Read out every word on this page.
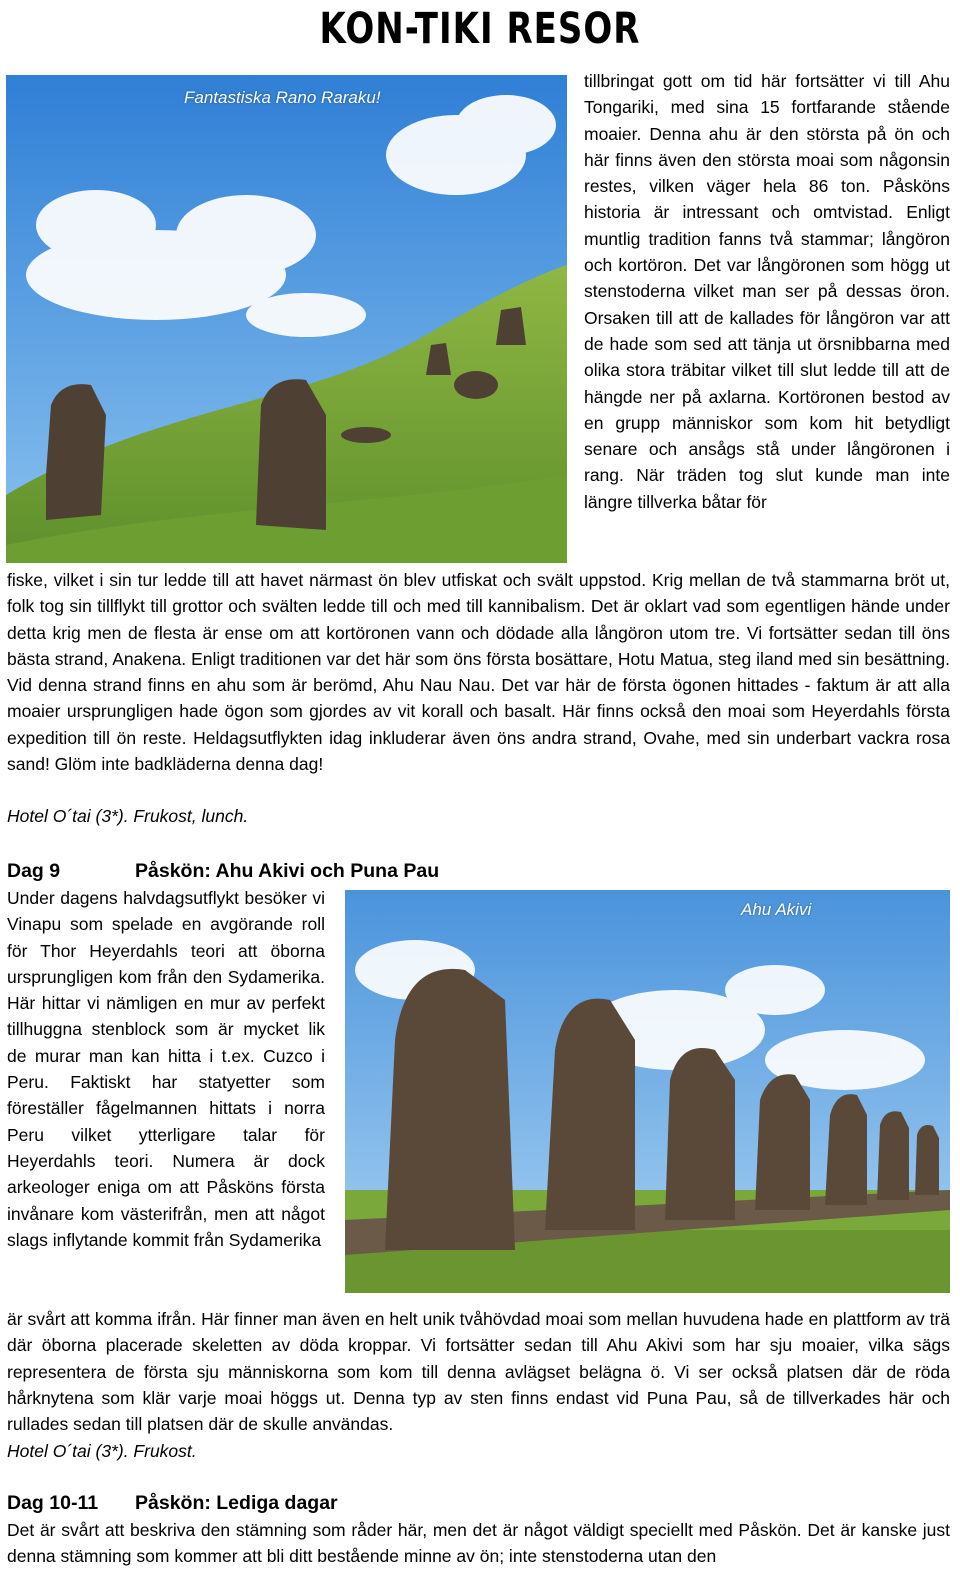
KON-TIKI RESOR
Fantastiska Rano Raraku!

tillbringat gott om tid här fortsätter vi till Ahu Tongariki, med sina 15 fortfarande stående moaier. Denna ahu är den största på ön och här finns även den största moai som någonsin restes, vilken väger hela 86 ton. Påsköns historia är intressant och omtvistad. Enligt muntlig tradition fanns två stammar; långöron och kortöron. Det var långöronen som högg ut stenstoderna vilket man ser på dessas öron. Orsaken till att de kallades för långöron var att de hade som sed att tänja ut örsnibbarna med olika stora träbitar vilket till slut ledde till att de hängde ner på axlarna. Kortöronen bestod av en grupp människor som kom hit betydligt senare och ansågs stå under långöronen i rang. När träden tog slut kunde man inte längre tillverka båtar för

fiske, vilket i sin tur ledde till att havet närmast ön blev utfiskat och svält uppstod. Krig mellan de två stammarna bröt ut, folk tog sin tillflykt till grottor och svälten ledde till och med till kannibalism. Det är oklart vad som egentligen hände under detta krig men de flesta är ense om att kortöronen vann och dödade alla långöron utom tre. Vi fortsätter sedan till öns bästa strand, Anakena. Enligt traditionen var det här som öns första bosättare, Hotu Matua, steg iland med sin besättning. Vid denna strand finns en ahu som är berömd, Ahu Nau Nau. Det var här de första ögonen hittades - faktum är att alla moaier ursprungligen hade ögon som gjordes av vit korall och basalt. Här finns också den moai som Heyerdahls första expedition till ön reste. Heldagsutflykten idag inkluderar även öns andra strand, Ovahe, med sin underbart vackra rosa sand! Glöm inte badkläderna denna dag!

Hotel O´tai (3*). Frukost, lunch.

Dag 9	Påskön: Ahu Akivi och Puna Pau

Under dagens halvdagsutflykt besöker vi Vinapu som spelade en avgörande roll för Thor Heyerdahls teori att öborna ursprungligen kom från den Sydamerika. Här hittar vi nämligen en mur av perfekt tillhuggna stenblock som är mycket lik de murar man kan hitta i t.ex. Cuzco i Peru. Faktiskt har statyetter som föreställer fågelmannen hittats i norra Peru vilket ytterligare talar för Heyerdahls teori. Numera är dock arkeologer eniga om att Påsköns första invånare kom västerifrån, men att något slags inflytande kommit från Sydamerika

Ahu Akivi

är svårt att komma ifrån. Här finner man även en helt unik tvåhövdad moai som mellan huvudena hade en plattform av trä där öborna placerade skeletten av döda kroppar. Vi fortsätter sedan till Ahu Akivi som har sju moaier, vilka sägs representera de första sju människorna som kom till denna avlägset belägna ö. Vi ser också platsen där de röda hårknytena som klär varje moai höggs ut. Denna typ av sten finns endast vid Puna Pau, så de tillverkades här och rullades sedan till platsen där de skulle användas.

Hotel O´tai (3*). Frukost.

Dag 10-11 Påskön: Lediga dagar

Det är svårt att beskriva den stämning som råder här, men det är något väldigt speciellt med Påskön. Det är kanske just denna stämning som kommer att bli ditt bestående minne av ön; inte stenstoderna utan den
